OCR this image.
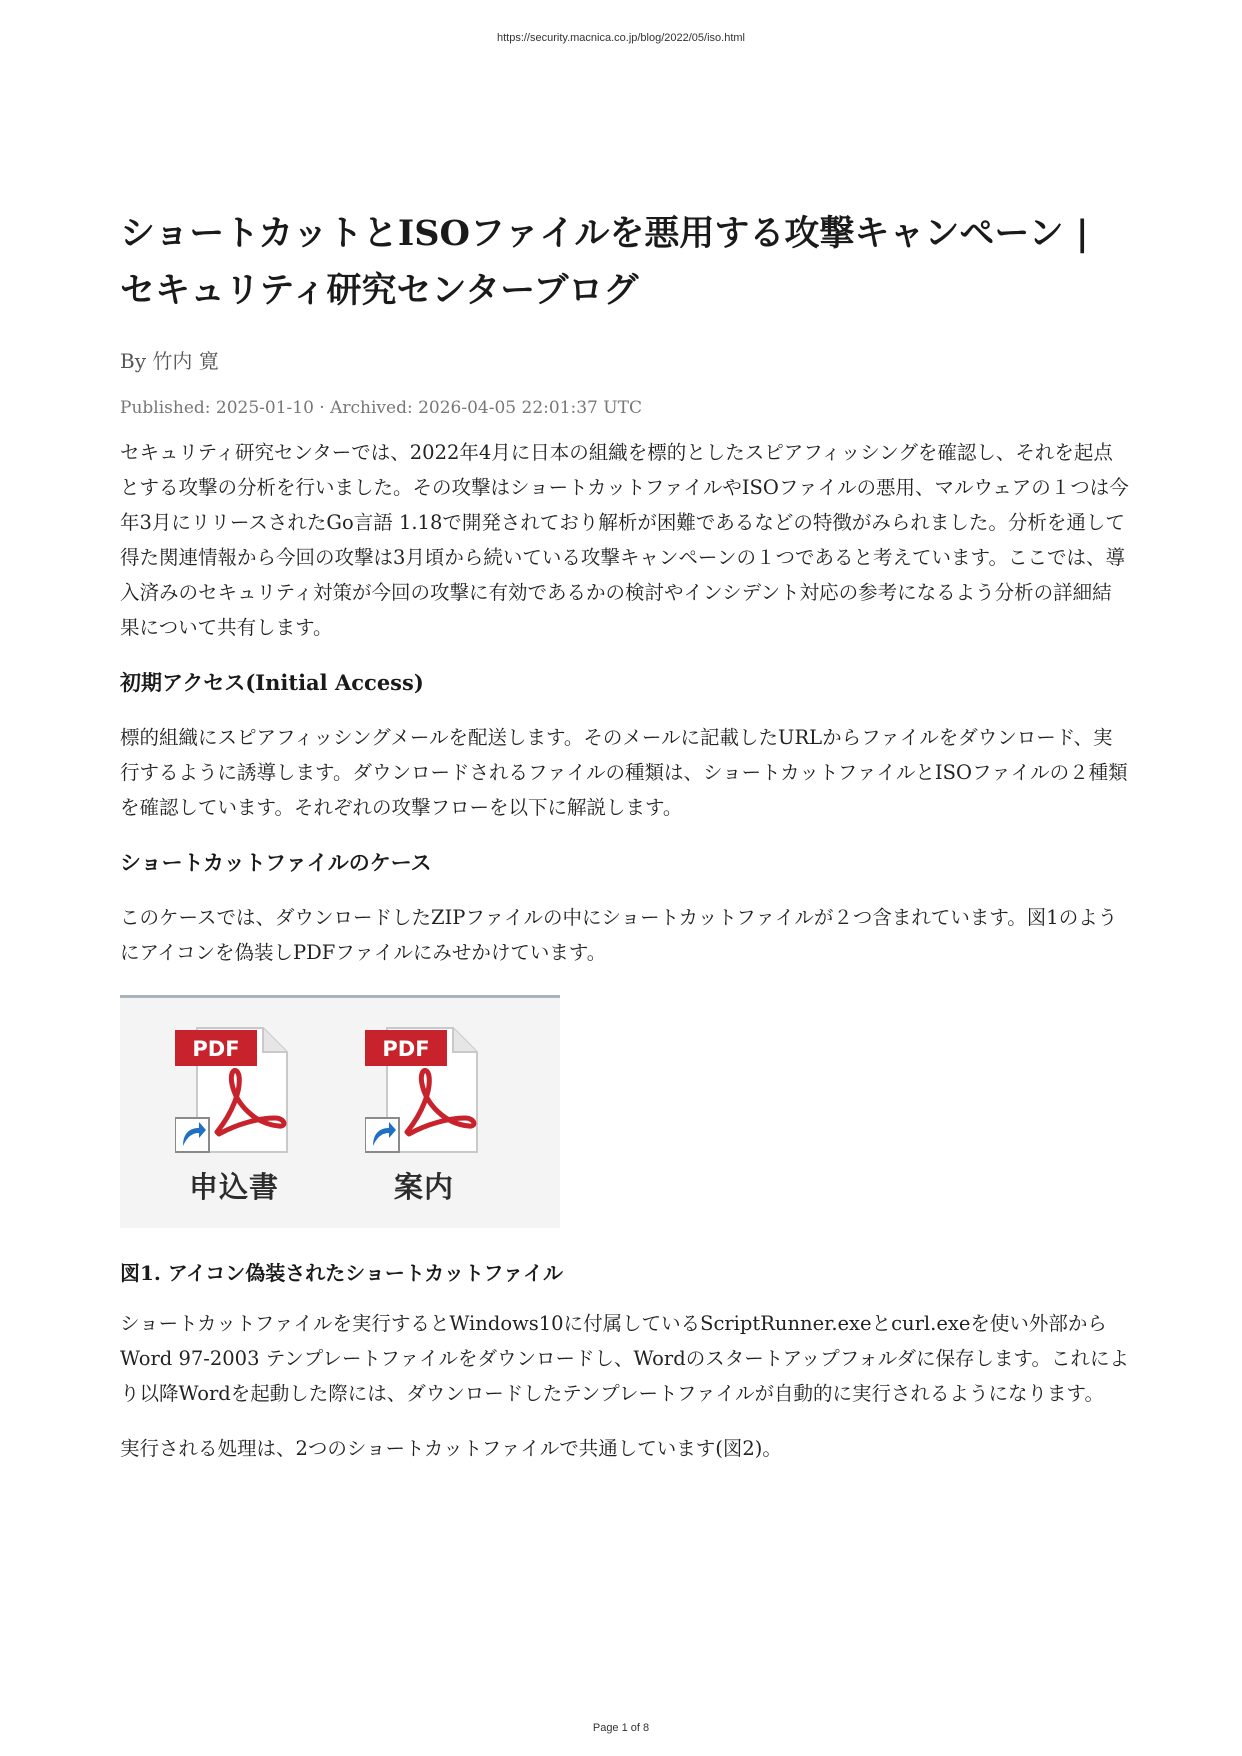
https://security.macnica.co.jp/blog/2022/05/iso.html
ショートカットとISOファイルを悪用する攻撃キャンペーン |
セキュリティ研究センターブログ
By 竹内 寛
Published: 2025-01-10 · Archived: 2026-04-05 22:01:37 UTC

セキュリティ研究センターでは、2022年4月に日本の組織を標的としたスピアフィッシングを確認し、それを起点とする攻撃の分析を行いました。その攻撃はショートカットファイルやISOファイルの悪用、マルウェアの１つは今年3月にリリースされたGo言語 1.18で開発されており解析が困難であるなどの特徴がみられました。分析を通して得た関連情報から今回の攻撃は3月頃から続いている攻撃キャンペーンの１つであると考えています。ここでは、導入済みのセキュリティ対策が今回の攻撃に有効であるかの検討やインシデント対応の参考になるよう分析の詳細結果について共有します。

初期アクセス(Initial Access)

標的組織にスピアフィッシングメールを配送します。そのメールに記載したURLからファイルをダウンロード、実行するように誘導します。ダウンロードされるファイルの種類は、ショートカットファイルとISOファイルの２種類を確認しています。それぞれの攻撃フローを以下に解説します。

ショートカットファイルのケース

このケースでは、ダウンロードしたZIPファイルの中にショートカットファイルが２つ含まれています。図1のようにアイコンを偽装しPDFファイルにみせかけています。

PDF
申込書
PDF
案内
図1. アイコン偽装されたショートカットファイル

ショートカットファイルを実行するとWindows10に付属しているScriptRunner.exeとcurl.exeを使い外部からWord 97-2003 テンプレートファイルをダウンロードし、Wordのスタートアップフォルダに保存します。これにより以降Wordを起動した際には、ダウンロードしたテンプレートファイルが自動的に実行されるようになります。

実行される処理は、2つのショートカットファイルで共通しています(図2)。

Page 1 of 8
